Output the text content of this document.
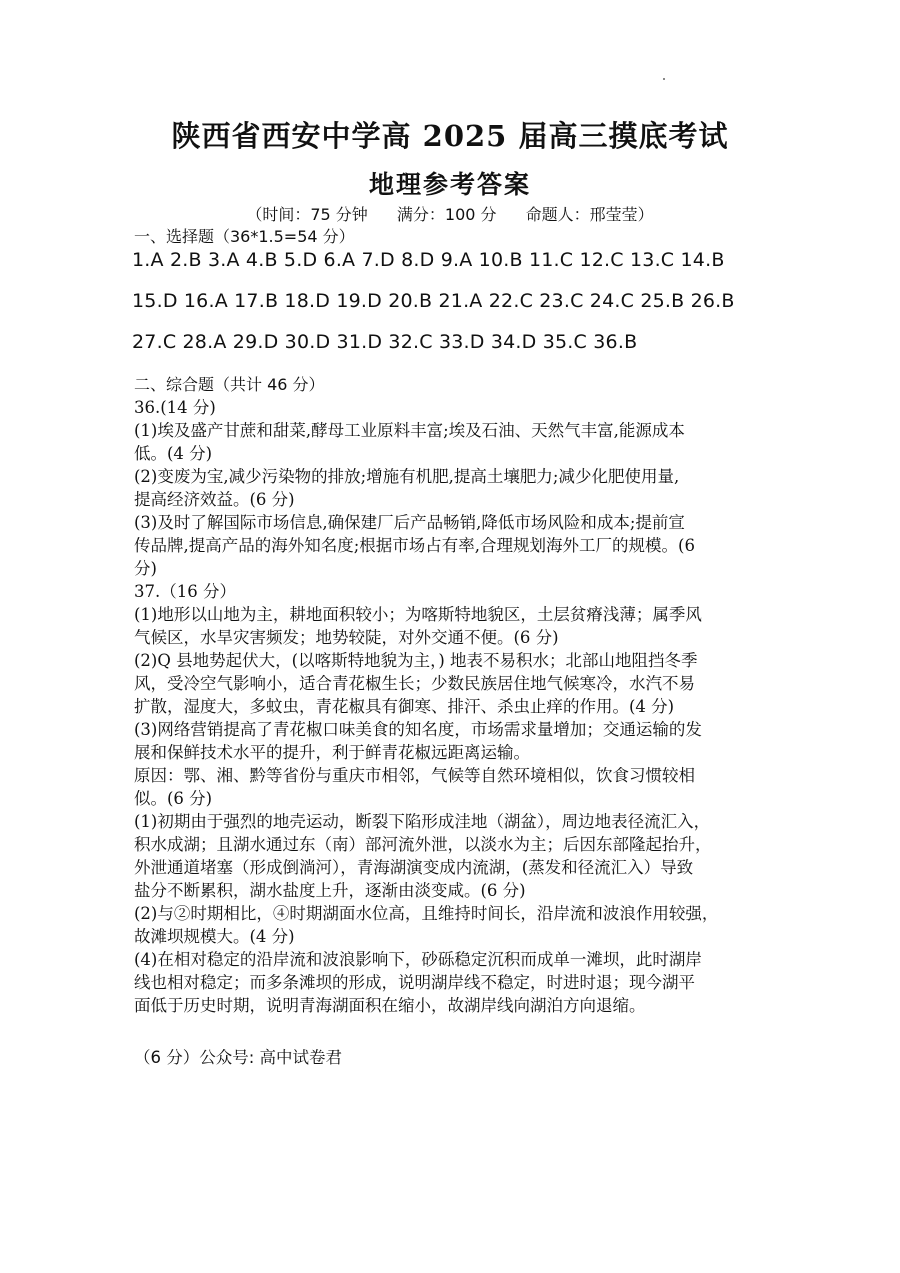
陕西省西安中学高 2025 届高三摸底考试
地理参考答案
（时间：75 分钟 满分：100 分 命题人：邢莹莹）
一、选择题（36*1.5=54 分）
1.A 2.B 3.A 4.B 5.D 6.A 7.D 8.D 9.A 10.B 11.C 12.C 13.C 14.B
15.D 16.A 17.B 18.D 19.D 20.B 21.A 22.C 23.C 24.C 25.B 26.B
27.C 28.A 29.D 30.D 31.D 32.C 33.D 34.D 35.C 36.B
二、综合题（共计 46 分）
36.(14 分)
(1)埃及盛产甘蔗和甜菜,酵母工业原料丰富;埃及石油、天然气丰富,能源成本
低。(4 分)
(2)变废为宝,减少污染物的排放;增施有机肥,提高土壤肥力;减少化肥使用量,
提高经济效益。(6 分)
(3)及时了解国际市场信息,确保建厂后产品畅销,降低市场风险和成本;提前宣
传品牌,提高产品的海外知名度;根据市场占有率,合理规划海外工厂的规模。(6
分)
37.（16 分）
(1)地形以山地为主，耕地面积较小；为喀斯特地貌区，土层贫瘠浅薄；属季风
气候区，水旱灾害频发；地势较陡，对外交通不便。(6 分)
(2)Q 县地势起伏大，(以喀斯特地貌为主，) 地表不易积水；北部山地阻挡冬季
风，受冷空气影响小，适合青花椒生长；少数民族居住地气候寒冷，水汽不易
扩散，湿度大，多蚊虫，青花椒具有御寒、排汗、杀虫止痒的作用。(4 分)
(3)网络营销提高了青花椒口味美食的知名度，市场需求量增加；交通运输的发
展和保鲜技术水平的提升，利于鲜青花椒远距离运输。
原因：鄂、湘、黔等省份与重庆市相邻，气候等自然环境相似，饮食习惯较相
似。(6 分)
(1)初期由于强烈的地壳运动，断裂下陷形成洼地（湖盆），周边地表径流汇入，
积水成湖；且湖水通过东（南）部河流外泄，以淡水为主；后因东部隆起抬升，
外泄通道堵塞（形成倒淌河），青海湖演变成内流湖，(蒸发和径流汇入）导致
盐分不断累积，湖水盐度上升，逐渐由淡变咸。(6 分)
(2)与②时期相比，④时期湖面水位高，且维持时间长，沿岸流和波浪作用较强，
故滩坝规模大。(4 分)
(4)在相对稳定的沿岸流和波浪影响下，砂砾稳定沉积而成单一滩坝，此时湖岸
线也相对稳定；而多条滩坝的形成，说明湖岸线不稳定，时进时退；现今湖平
面低于历史时期，说明青海湖面积在缩小，故湖岸线向湖泊方向退缩。
（6 分）公众号: 高中试卷君
